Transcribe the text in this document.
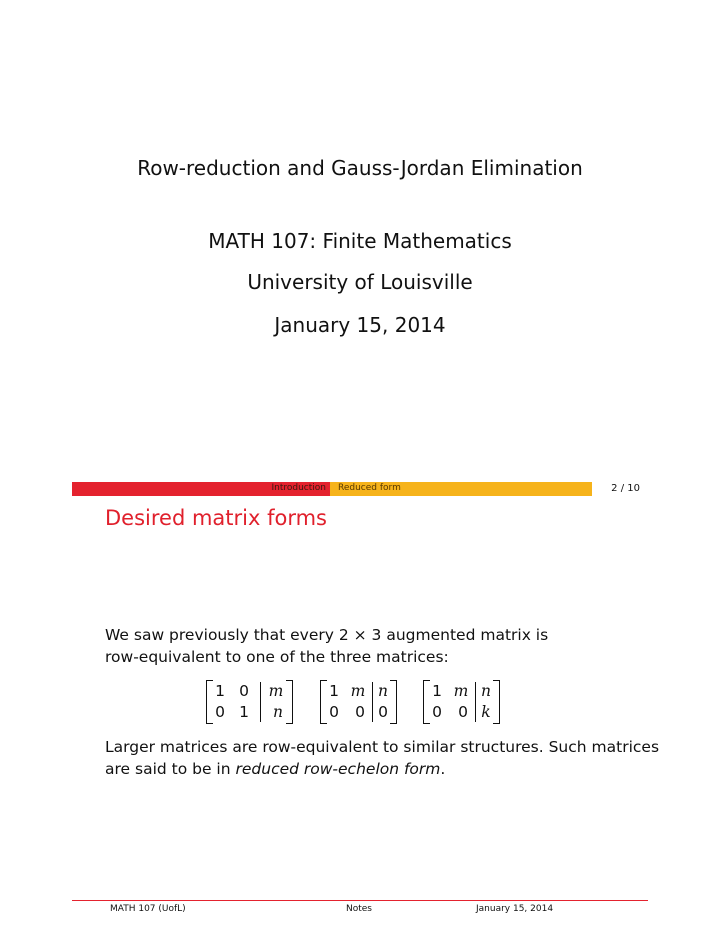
Row-reduction and Gauss-Jordan Elimination
MATH 107: Finite Mathematics
University of Louisville
January 15, 2014
Introduction Reduced form	2 / 10
Desired matrix forms
We saw previously that every 2 × 3 augmented matrix is
row-equivalent to one of the three matrices:
1 0 m
0 1 n
1 m n
0 0 0
1 m n
0 0 k
Larger matrices are row-equivalent to similar structures. Such matrices
are said to be in reduced row-echelon form.
MATH 107 (UofL)	Notes	January 15, 2014
